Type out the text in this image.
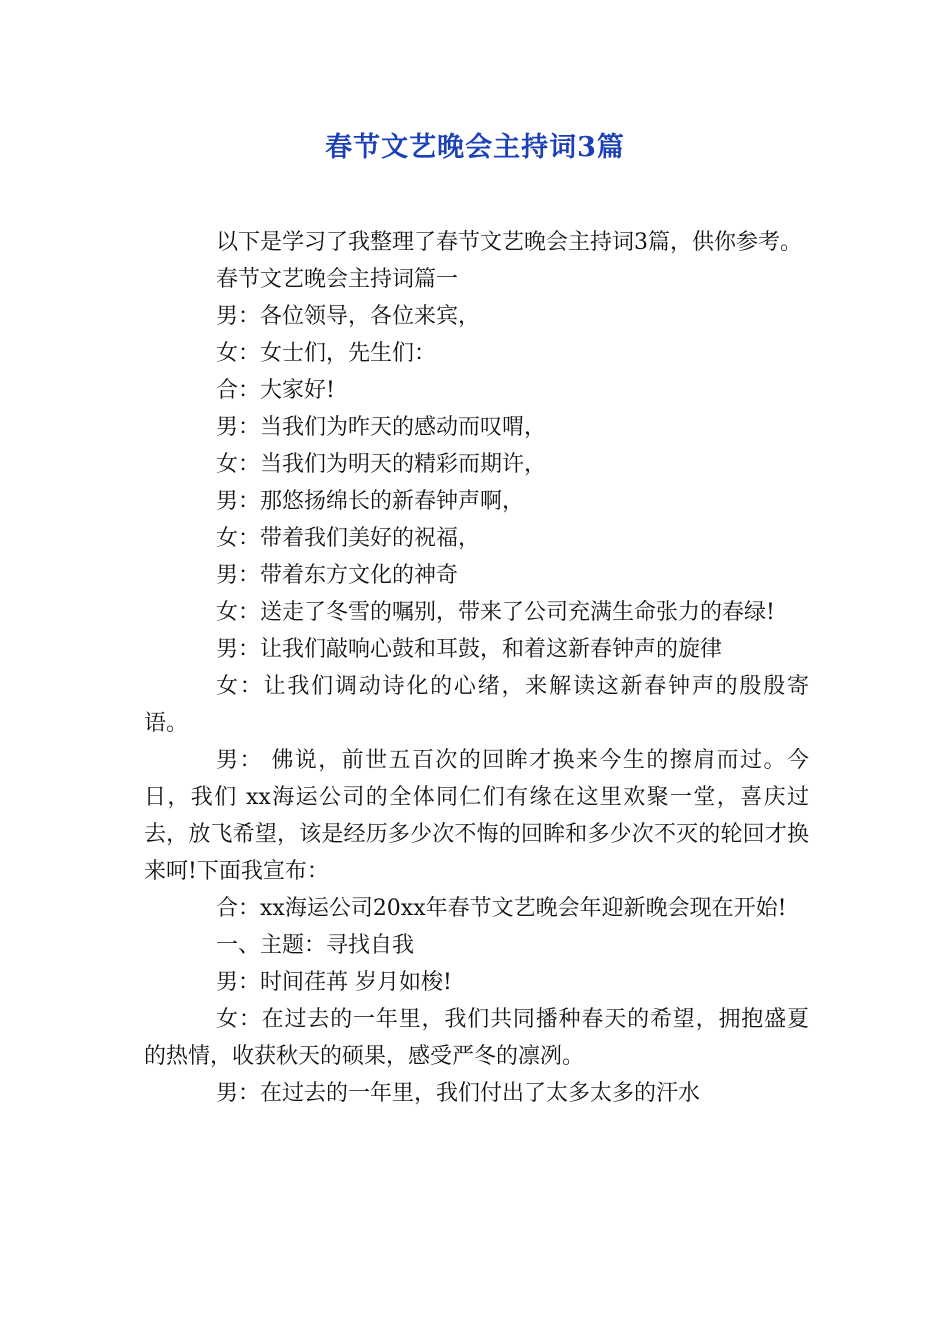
春节文艺晚会主持词3篇

以下是学习了我整理了春节文艺晚会主持词3篇，供你参考。

春节文艺晚会主持词篇一

男：各位领导，各位来宾，

女：女士们，先生们：

合：大家好!

男：当我们为昨天的感动而叹喟，

女：当我们为明天的精彩而期许，

男：那悠扬绵长的新春钟声啊，

女：带着我们美好的祝福，

男：带着东方文化的神奇

女：送走了冬雪的嘱别，带来了公司充满生命张力的春绿!

男：让我们敲响心鼓和耳鼓，和着这新春钟声的旋律

女：让我们调动诗化的心绪，来解读这新春钟声的殷殷寄语。

男： 佛说，前世五百次的回眸才换来今生的擦肩而过。今日，我们 xx海运公司的全体同仁们有缘在这里欢聚一堂，喜庆过去，放飞希望，该是经历多少次不悔的回眸和多少次不灭的轮回才换来呵!下面我宣布：

合：xx海运公司20xx年春节文艺晚会年迎新晚会现在开始!

一、主题：寻找自我

男：时间荏苒 岁月如梭!

女：在过去的一年里，我们共同播种春天的希望，拥抱盛夏的热情，收获秋天的硕果，感受严冬的凛冽。

男：在过去的一年里，我们付出了太多太多的汗水
